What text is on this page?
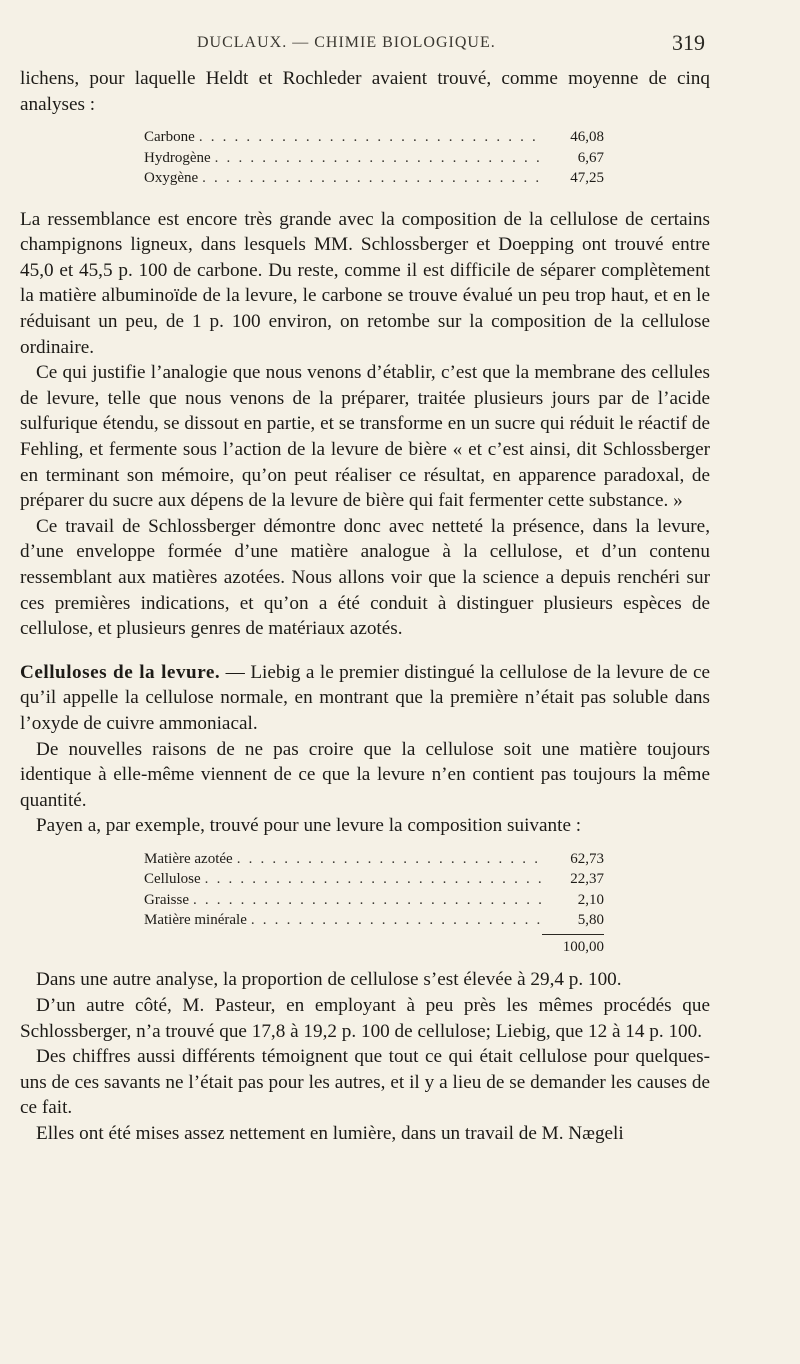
DUCLAUX. — CHIMIE BIOLOGIQUE.	319

lichens, pour laquelle Heldt et Rochleder avaient trouvé, comme moyenne de cinq analyses :

Carbone . . .	46,08
Hydrogène . . .	6,67
Oxygène . . .	47,25

La ressemblance est encore très grande avec la composition de la cellulose de certains champignons ligneux, dans lesquels MM. Schlossberger et Doepping ont trouvé entre 45,0 et 45,5 p. 100 de carbone. Du reste, comme il est difficile de séparer complètement la matière albuminoïde de la levure, le carbone se trouve évalué un peu trop haut, et en le réduisant un peu, de 1 p. 100 environ, on retombe sur la composition de la cellulose ordinaire.

Ce qui justifie l’analogie que nous venons d’établir, c’est que la membrane des cellules de levure, telle que nous venons de la préparer, traitée plusieurs jours par de l’acide sulfurique étendu, se dissout en partie, et se transforme en un sucre qui réduit le réactif de Fehling, et fermente sous l’action de la levure de bière « et c’est ainsi, dit Schlossberger en terminant son mémoire, qu’on peut réaliser ce résultat, en apparence paradoxal, de préparer du sucre aux dépens de la levure de bière qui fait fermenter cette substance. »

Ce travail de Schlossberger démontre donc avec netteté la présence, dans la levure, d’une enveloppe formée d’une matière analogue à la cellulose, et d’un contenu ressemblant aux matières azotées. Nous allons voir que la science a depuis renchéri sur ces premières indications, et qu’on a été conduit à distinguer plusieurs espèces de cellulose, et plusieurs genres de matériaux azotés.

Celluloses de la levure. — Liebig a le premier distingué la cellulose de la levure de ce qu’il appelle la cellulose normale, en montrant que la première n’était pas soluble dans l’oxyde de cuivre ammoniacal.

De nouvelles raisons de ne pas croire que la cellulose soit une matière toujours identique à elle-même viennent de ce que la levure n’en contient pas toujours la même quantité.

Payen a, par exemple, trouvé pour une levure la composition suivante :

Matière azotée . . .	62,73
Cellulose . . .	22,37
Graisse . . .	2,10
Matière minérale . . .	5,80
100,00

Dans une autre analyse, la proportion de cellulose s’est élevée à 29,4 p. 100.

D’un autre côté, M. Pasteur, en employant à peu près les mêmes procédés que Schlossberger, n’a trouvé que 17,8 à 19,2 p. 100 de cellulose; Liebig, que 12 à 14 p. 100.

Des chiffres aussi différents témoignent que tout ce qui était cellulose pour quelques-uns de ces savants ne l’était pas pour les autres, et il y a lieu de se demander les causes de ce fait.

Elles ont été mises assez nettement en lumière, dans un travail de M. Nægeli
